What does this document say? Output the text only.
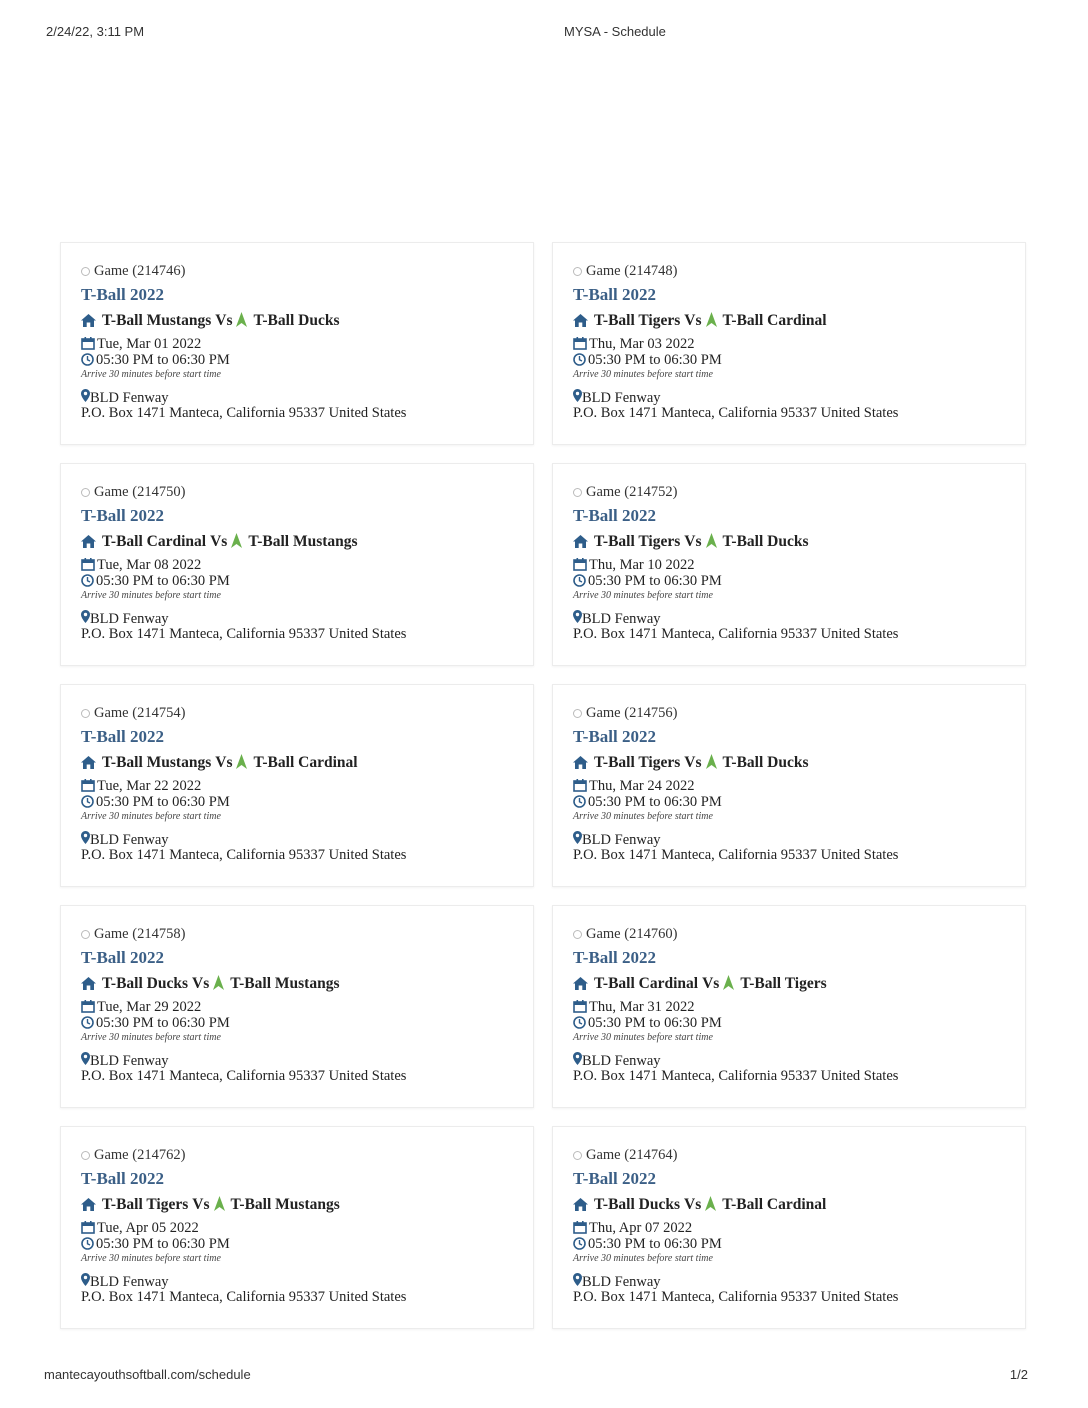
2/24/22, 3:11 PM	MYSA - Schedule
Game (214746)
T-Ball 2022
T-Ball Mustangs Vs T-Ball Ducks
Tue, Mar 01 2022
05:30 PM to 06:30 PM
Arrive 30 minutes before start time
BLD Fenway
P.O. Box 1471 Manteca, California 95337 United States
Game (214748)
T-Ball 2022
T-Ball Tigers Vs T-Ball Cardinal
Thu, Mar 03 2022
05:30 PM to 06:30 PM
Arrive 30 minutes before start time
BLD Fenway
P.O. Box 1471 Manteca, California 95337 United States
Game (214750)
T-Ball 2022
T-Ball Cardinal Vs T-Ball Mustangs
Tue, Mar 08 2022
05:30 PM to 06:30 PM
Arrive 30 minutes before start time
BLD Fenway
P.O. Box 1471 Manteca, California 95337 United States
Game (214752)
T-Ball 2022
T-Ball Tigers Vs T-Ball Ducks
Thu, Mar 10 2022
05:30 PM to 06:30 PM
Arrive 30 minutes before start time
BLD Fenway
P.O. Box 1471 Manteca, California 95337 United States
Game (214754)
T-Ball 2022
T-Ball Mustangs Vs T-Ball Cardinal
Tue, Mar 22 2022
05:30 PM to 06:30 PM
Arrive 30 minutes before start time
BLD Fenway
P.O. Box 1471 Manteca, California 95337 United States
Game (214756)
T-Ball 2022
T-Ball Tigers Vs T-Ball Ducks
Thu, Mar 24 2022
05:30 PM to 06:30 PM
Arrive 30 minutes before start time
BLD Fenway
P.O. Box 1471 Manteca, California 95337 United States
Game (214758)
T-Ball 2022
T-Ball Ducks Vs T-Ball Mustangs
Tue, Mar 29 2022
05:30 PM to 06:30 PM
Arrive 30 minutes before start time
BLD Fenway
P.O. Box 1471 Manteca, California 95337 United States
Game (214760)
T-Ball 2022
T-Ball Cardinal Vs T-Ball Tigers
Thu, Mar 31 2022
05:30 PM to 06:30 PM
Arrive 30 minutes before start time
BLD Fenway
P.O. Box 1471 Manteca, California 95337 United States
Game (214762)
T-Ball 2022
T-Ball Tigers Vs T-Ball Mustangs
Tue, Apr 05 2022
05:30 PM to 06:30 PM
Arrive 30 minutes before start time
BLD Fenway
P.O. Box 1471 Manteca, California 95337 United States
Game (214764)
T-Ball 2022
T-Ball Ducks Vs T-Ball Cardinal
Thu, Apr 07 2022
05:30 PM to 06:30 PM
Arrive 30 minutes before start time
BLD Fenway
P.O. Box 1471 Manteca, California 95337 United States
mantecayouthsoftball.com/schedule	1/2
